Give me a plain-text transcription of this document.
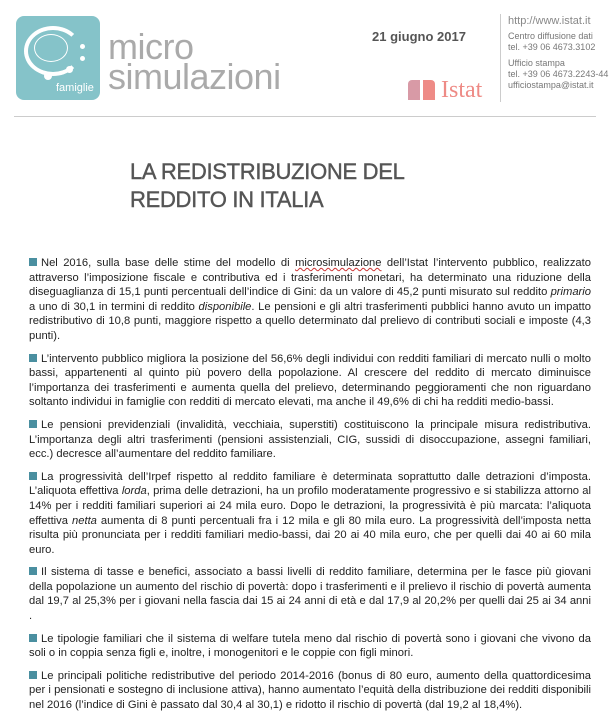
famiglie
micro
simulazioni
21 giugno 2017
Istat
http://www.istat.it

Centro diffusione dati
tel. +39 06 4673.3102

Ufficio stampa
tel. +39 06 4673.2243-44
ufficiostampa@istat.it

LA REDISTRIBUZIONE DEL
REDDITO IN ITALIA

Nel 2016, sulla base delle stime del modello di microsimulazione dell’Istat l’intervento pubblico, realizzato attraverso l’imposizione fiscale e contributiva ed i trasferimenti monetari, ha determinato una riduzione della diseguaglianza di 15,1 punti percentuali dell’indice di Gini: da un valore di 45,2 punti misurato sul reddito primario a uno di 30,1 in termini di reddito disponibile. Le pensioni e gli altri trasferimenti pubblici hanno avuto un impatto redistributivo di 10,8 punti, maggiore rispetto a quello determinato dal prelievo di contributi sociali e imposte (4,3 punti).

L’intervento pubblico migliora la posizione del 56,6% degli individui con redditi familiari di mercato nulli o molto bassi, appartenenti al quinto più povero della popolazione. Al crescere del reddito di mercato diminuisce l’importanza dei trasferimenti e aumenta quella del prelievo, determinando peggioramenti che non riguardano soltanto individui in famiglie con redditi di mercato elevati, ma anche il 49,6% di chi ha redditi medio-bassi.

Le pensioni previdenziali (invalidità, vecchiaia, superstiti) costituiscono la principale misura redistributiva. L’importanza degli altri trasferimenti (pensioni assistenziali, CIG, sussidi di disoccupazione, assegni familiari, ecc.) decresce all’aumentare del reddito familiare.

La progressività dell’Irpef rispetto al reddito familiare è determinata soprattutto dalle detrazioni d’imposta. L’aliquota effettiva lorda, prima delle detrazioni, ha un profilo moderatamente progressivo e si stabilizza attorno al 14% per i redditi familiari superiori ai 24 mila euro. Dopo le detrazioni, la progressività è più marcata: l’aliquota effettiva netta aumenta di 8 punti percentuali fra i 12 mila e gli 80 mila euro. La progressività dell’imposta netta risulta più pronunciata per i redditi familiari medio-bassi, dai 20 ai 40 mila euro, che per quelli dai 40 ai 60 mila euro.

Il sistema di tasse e benefici, associato a bassi livelli di reddito familiare, determina per le fasce più giovani della popolazione un aumento del rischio di povertà: dopo i trasferimenti e il prelievo il rischio di povertà aumenta dal 19,7 al 25,3% per i giovani nella fascia dai 15 ai 24 anni di età e dal 17,9 al 20,2% per quelli dai 25 ai 34 anni .

Le tipologie familiari che il sistema di welfare tutela meno dal rischio di povertà sono i giovani che vivono da soli o in coppia senza figli e, inoltre, i monogenitori e le coppie con figli minori.

Le principali politiche redistributive del periodo 2014-2016 (bonus di 80 euro, aumento della quattordicesima per i pensionati e sostegno di inclusione attiva), hanno aumentato l’equità della distribuzione dei redditi disponibili nel 2016 (l’indice di Gini è passato dal 30,4 al 30,1) e ridotto il rischio di povertà (dal 19,2 al 18,4%).
